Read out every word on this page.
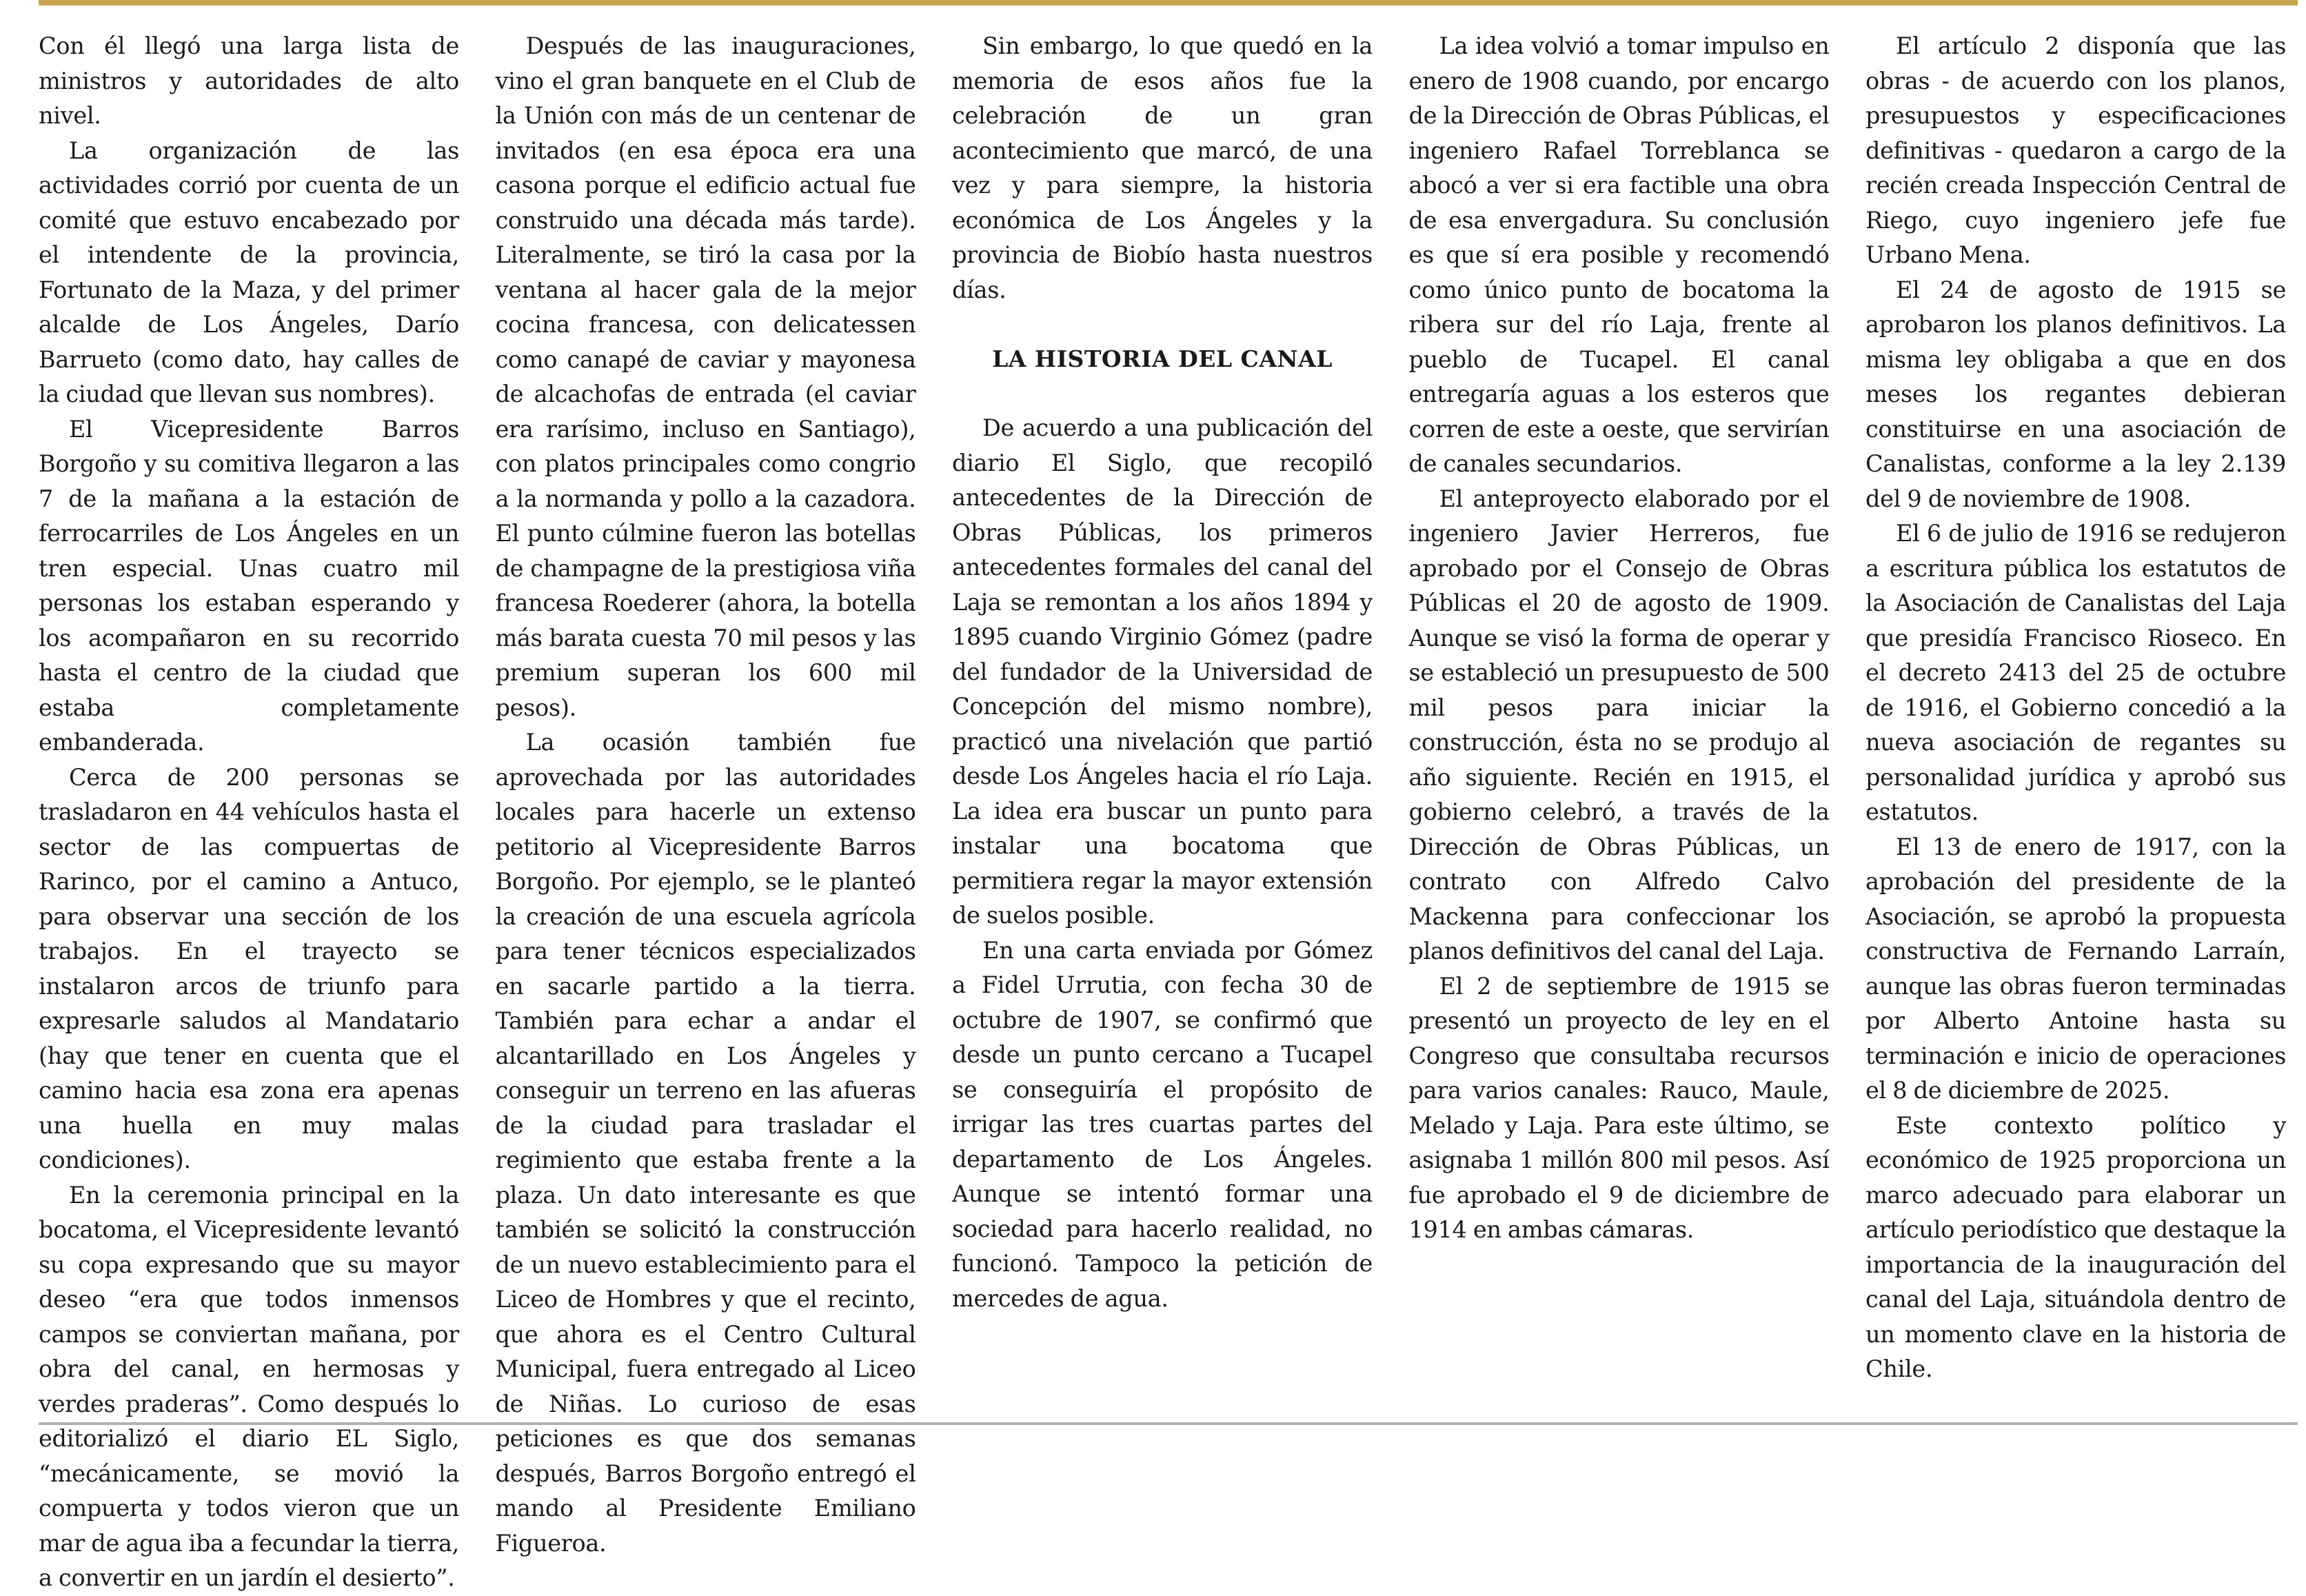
Con él llegó una larga lista de ministros y autoridades de alto nivel.

La organización de las actividades corrió por cuenta de un comité que estuvo encabezado por el intendente de la provincia, Fortunato de la Maza, y del primer alcalde de Los Ángeles, Darío Barrueto (como dato, hay calles de la ciudad que llevan sus nombres).

El Vicepresidente Barros Borgoño y su comitiva llegaron a las 7 de la mañana a la estación de ferrocarriles de Los Ángeles en un tren especial. Unas cuatro mil personas los estaban esperando y los acompañaron en su recorrido hasta el centro de la ciudad que estaba completamente embanderada.

Cerca de 200 personas se trasladaron en 44 vehículos hasta el sector de las compuertas de Rarinco, por el camino a Antuco, para observar una sección de los trabajos. En el trayecto se instalaron arcos de triunfo para expresarle saludos al Mandatario (hay que tener en cuenta que el camino hacia esa zona era apenas una huella en muy malas condiciones).

En la ceremonia principal en la bocatoma, el Vicepresidente levantó su copa expresando que su mayor deseo “era que todos inmensos campos se conviertan mañana, por obra del canal, en hermosas y verdes praderas”. Como después lo editorializó el diario EL Siglo, “mecánicamente, se movió la compuerta y todos vieron que un mar de agua iba a fecundar la tierra, a convertir en un jardín el desierto”.

Después de las inauguraciones, vino el gran banquete en el Club de la Unión con más de un centenar de invitados (en esa época era una casona porque el edificio actual fue construido una década más tarde). Literalmente, se tiró la casa por la ventana al hacer gala de la mejor cocina francesa, con delicatessen como canapé de caviar y mayonesa de alcachofas de entrada (el caviar era rarísimo, incluso en Santiago), con platos principales como congrio a la normanda y pollo a la cazadora. El punto cúlmine fueron las botellas de champagne de la prestigiosa viña francesa Roederer (ahora, la botella más barata cuesta 70 mil pesos y las premium superan los 600 mil pesos).

La ocasión también fue aprovechada por las autoridades locales para hacerle un extenso petitorio al Vicepresidente Barros Borgoño. Por ejemplo, se le planteó la creación de una escuela agrícola para tener técnicos especializados en sacarle partido a la tierra. También para echar a andar el alcantarillado en Los Ángeles y conseguir un terreno en las afueras de la ciudad para trasladar el regimiento que estaba frente a la plaza. Un dato interesante es que también se solicitó la construcción de un nuevo establecimiento para el Liceo de Hombres y que el recinto, que ahora es el Centro Cultural Municipal, fuera entregado al Liceo de Niñas. Lo curioso de esas peticiones es que dos semanas después, Barros Borgoño entregó el mando al Presidente Emiliano Figueroa.

Sin embargo, lo que quedó en la memoria de esos años fue la celebración de un gran acontecimiento que marcó, de una vez y para siempre, la historia económica de Los Ángeles y la provincia de Biobío hasta nuestros días.

LA HISTORIA DEL CANAL

De acuerdo a una publicación del diario El Siglo, que recopiló antecedentes de la Dirección de Obras Públicas, los primeros antecedentes formales del canal del Laja se remontan a los años 1894 y 1895 cuando Virginio Gómez (padre del fundador de la Universidad de Concepción del mismo nombre), practicó una nivelación que partió desde Los Ángeles hacia el río Laja. La idea era buscar un punto para instalar una bocatoma que permitiera regar la mayor extensión de suelos posible.

En una carta enviada por Gómez a Fidel Urrutia, con fecha 30 de octubre de 1907, se confirmó que desde un punto cercano a Tucapel se conseguiría el propósito de irrigar las tres cuartas partes del departamento de Los Ángeles. Aunque se intentó formar una sociedad para hacerlo realidad, no funcionó. Tampoco la petición de mercedes de agua.

La idea volvió a tomar impulso en enero de 1908 cuando, por encargo de la Dirección de Obras Públicas, el ingeniero Rafael Torreblanca se abocó a ver si era factible una obra de esa envergadura. Su conclusión es que sí era posible y recomendó como único punto de bocatoma la ribera sur del río Laja, frente al pueblo de Tucapel. El canal entregaría aguas a los esteros que corren de este a oeste, que servirían de canales secundarios.

El anteproyecto elaborado por el ingeniero Javier Herreros, fue aprobado por el Consejo de Obras Públicas el 20 de agosto de 1909. Aunque se visó la forma de operar y se estableció un presupuesto de 500 mil pesos para iniciar la construcción, ésta no se produjo al año siguiente. Recién en 1915, el gobierno celebró, a través de la Dirección de Obras Públicas, un contrato con Alfredo Calvo Mackenna para confeccionar los planos definitivos del canal del Laja.

El 2 de septiembre de 1915 se presentó un proyecto de ley en el Congreso que consultaba recursos para varios canales: Rauco, Maule, Melado y Laja. Para este último, se asignaba 1 millón 800 mil pesos. Así fue aprobado el 9 de diciembre de 1914 en ambas cámaras.

El artículo 2 disponía que las obras - de acuerdo con los planos, presupuestos y especificaciones definitivas - quedaron a cargo de la recién creada Inspección Central de Riego, cuyo ingeniero jefe fue Urbano Mena.

El 24 de agosto de 1915 se aprobaron los planos definitivos. La misma ley obligaba a que en dos meses los regantes debieran constituirse en una asociación de Canalistas, conforme a la ley 2.139 del 9 de noviembre de 1908.

El 6 de julio de 1916 se redujeron a escritura pública los estatutos de la Asociación de Canalistas del Laja que presidía Francisco Rioseco. En el decreto 2413 del 25 de octubre de 1916, el Gobierno concedió a la nueva asociación de regantes su personalidad jurídica y aprobó sus estatutos.

El 13 de enero de 1917, con la aprobación del presidente de la Asociación, se aprobó la propuesta constructiva de Fernando Larraín, aunque las obras fueron terminadas por Alberto Antoine hasta su terminación e inicio de operaciones el 8 de diciembre de 2025.

Este contexto político y económico de 1925 proporciona un marco adecuado para elaborar un artículo periodístico que destaque la importancia de la inauguración del canal del Laja, situándola dentro de un momento clave en la historia de Chile.
